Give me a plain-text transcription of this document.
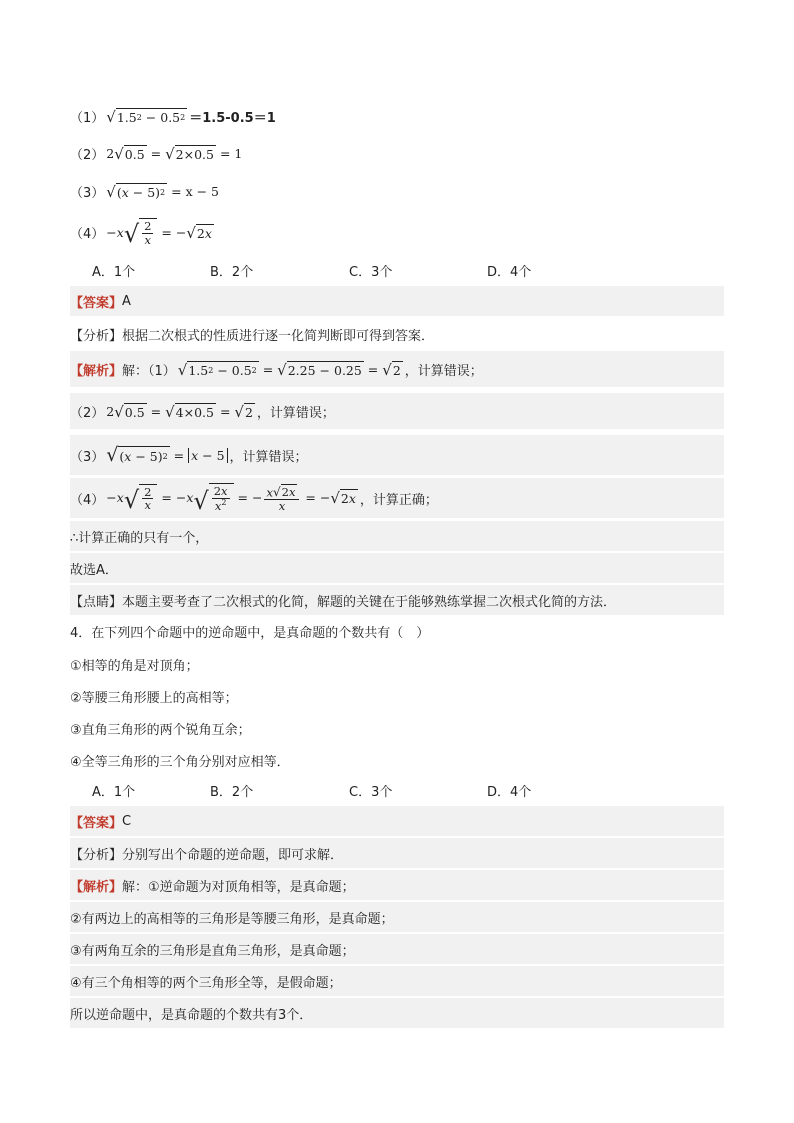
（1） √ 1.5 2 − 0.5 2 ＝1.5-0.5＝1
（2） 2 √ 0.5 = √ 2×0.5 = 1
（3） √ ( x − 5) 2 = x − 5
（4） − x √ $\frac{2}{x}$ = − √ 2 x
A．1个	B．2个	C．3个	D．4个
【答案】 A
【分析】 根据二次根式的性质进行逐一化简判断即可得到答案．
【解析】 解：（1） √ 1.5 2 − 0.5 2 = √ 2.25 − 0.25 = √ 2 ，计算错误；
（2） 2 √ 0.5 = √ 4×0.5 = √ 2 ，计算错误；
（3） √ ( x − 5) 2 = x − 5 ，计算错误；
（4） − x √ $\frac{2}{x}$ = − x √ $\frac{2x}{x^2}$ = − $\frac{x √ 2 x}{x}$ = − √ 2 x ，计算正确；
∴计算正确的只有一个，
故选A．
【点睛】 本题主要考查了二次根式的化简，解题的关键在于能够熟练掌握二次根式化简的方法．
4．在下列四个命题中的逆命题中，是真命题的个数共有（　）
①相等的角是对顶角；
②等腰三角形腰上的高相等；
③直角三角形的两个锐角互余；
④全等三角形的三个角分别对应相等．
A．1个	B．2个	C．3个	D．4个
【答案】 C
【分析】 分别写出个命题的逆命题，即可求解．
【解析】 解：①逆命题为对顶角相等，是真命题；
②有两边上的高相等的三角形是等腰三角形，是真命题；
③有两角互余的三角形是直角三角形，是真命题；
④有三个角相等的两个三角形全等，是假命题；
所以逆命题中，是真命题的个数共有3个．
